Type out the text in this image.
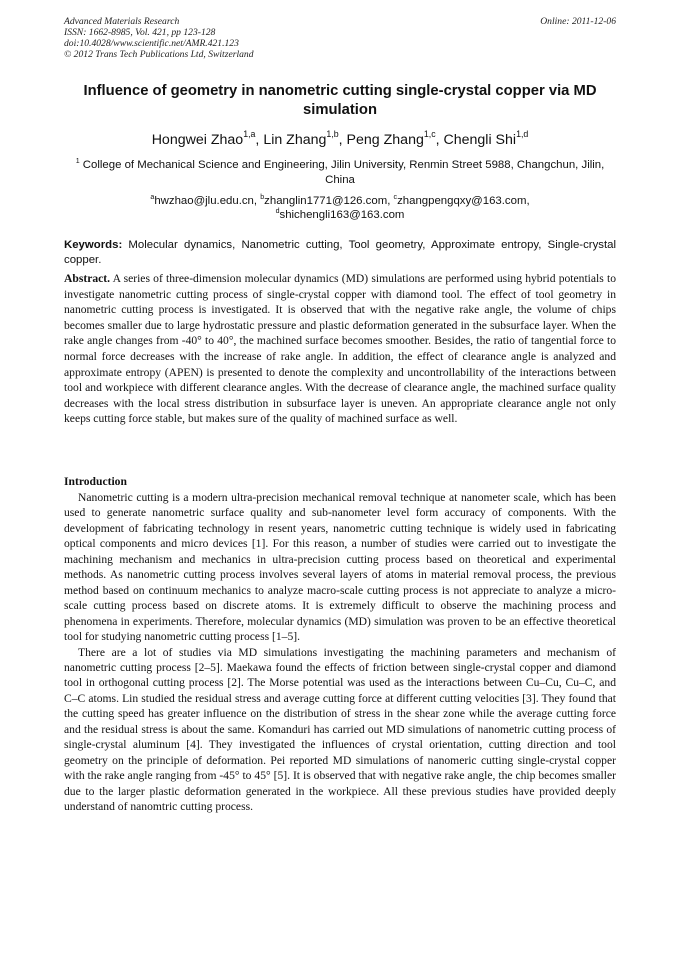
Advanced Materials Research
ISSN: 1662-8985, Vol. 421, pp 123-128
doi:10.4028/www.scientific.net/AMR.421.123
© 2012 Trans Tech Publications Ltd, Switzerland
Online: 2011-12-06
Influence of geometry in nanometric cutting single-crystal copper via MD simulation
Hongwei Zhao$^{1,a}$, Lin Zhang$^{1,b}$, Peng Zhang$^{1,c}$, Chengli Shi$^{1,d}$
$^1$ College of Mechanical Science and Engineering, Jilin University, Renmin Street 5988, Changchun, Jilin, China
$^a$hwzhao@jlu.edu.cn, $^b$zhanglin1771@126.com, $^c$zhangpengqxy@163.com,
$^d$shichengli163@163.com
Keywords: Molecular dynamics, Nanometric cutting, Tool geometry, Approximate entropy, Single-crystal copper.
Abstract. A series of three-dimension molecular dynamics (MD) simulations are performed using hybrid potentials to investigate nanometric cutting process of single-crystal copper with diamond tool. The effect of tool geometry in nanometric cutting process is investigated. It is observed that with the negative rake angle, the volume of chips becomes smaller due to large hydrostatic pressure and plastic deformation generated in the subsurface layer. When the rake angle changes from -40° to 40°, the machined surface becomes smoother. Besides, the ratio of tangential force to normal force decreases with the increase of rake angle. In addition, the effect of clearance angle is analyzed and approximate entropy (APEN) is presented to denote the complexity and uncontrollability of the interactions between tool and workpiece with different clearance angles. With the decrease of clearance angle, the machined surface quality decreases with the local stress distribution in subsurface layer is uneven. An appropriate clearance angle not only keeps cutting force stable, but makes sure of the quality of machined surface as well.
Introduction

Nanometric cutting is a modern ultra-precision mechanical removal technique at nanometer scale, which has been used to generate nanometric surface quality and sub-nanometer level form accuracy of components. With the development of fabricating technology in resent years, nanometric cutting technique is widely used in fabricating optical components and micro devices [1]. For this reason, a number of studies were carried out to investigate the machining mechanism and mechanics in ultra-precision cutting process based on theoretical and experimental methods. As nanometric cutting process involves several layers of atoms in material removal process, the previous method based on continuum mechanics to analyze macro-scale cutting process is not appreciate to analyze a micro-scale cutting process based on discrete atoms. It is extremely difficult to observe the machining process and phenomena in experiments. Therefore, molecular dynamics (MD) simulation was proven to be an effective theoretical tool for studying nanometric cutting process [1–5].

There are a lot of studies via MD simulations investigating the machining parameters and mechanism of nanometric cutting process [2–5]. Maekawa found the effects of friction between single-crystal copper and diamond tool in orthogonal cutting process [2]. The Morse potential was used as the interactions between Cu–Cu, Cu–C, and C–C atoms. Lin studied the residual stress and average cutting force at different cutting velocities [3]. They found that the cutting speed has greater influence on the distribution of stress in the shear zone while the average cutting force and the residual stress is about the same. Komanduri has carried out MD simulations of nanometric cutting process of single-crystal aluminum [4]. They investigated the influences of crystal orientation, cutting direction and tool geometry on the principle of deformation. Pei reported MD simulations of nanomeric cutting single-crystal copper with the rake angle ranging from -45° to 45° [5]. It is observed that with negative rake angle, the chip becomes smaller due to the larger plastic deformation generated in the workpiece. All these previous studies have provided deeply understand of nanomtric cutting process.
